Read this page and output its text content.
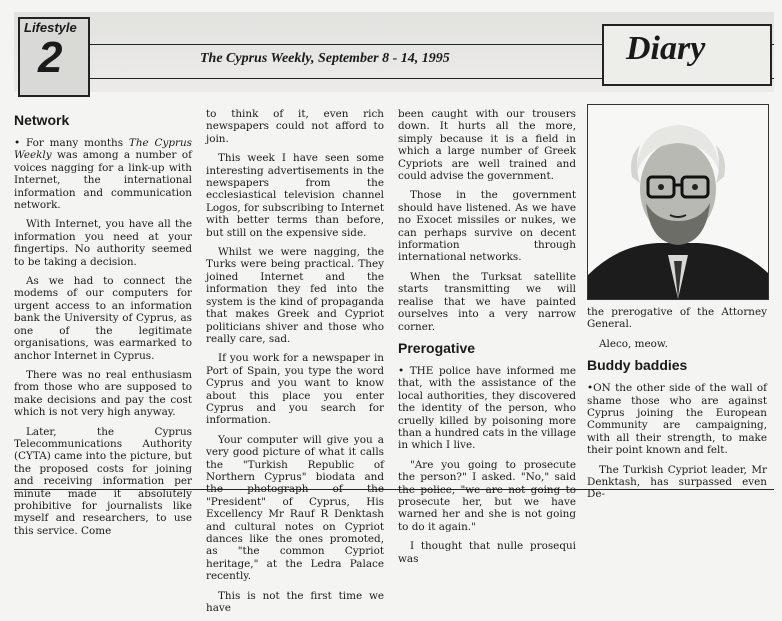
Lifestyle
2	The Cyprus Weekly, September 8 - 14, 1995	Diary
Network

• For many months The Cyprus Weekly was among a number of voices nagging for a link-up with Internet, the international information and communication network.

With Internet, you have all the information you need at your fingertips. No authority seemed to be taking a decision.

As we had to connect the modems of our computers for urgent access to an information bank the University of Cyprus, as one of the legitimate organisations, was earmarked to anchor Internet in Cyprus.

There was no real enthusiasm from those who are supposed to make decisions and pay the cost which is not very high anyway.

Later, the Cyprus Telecommunications Authority (CYTA) came into the picture, but the proposed costs for joining and receiving information per minute made it absolutely prohibitive for journalists like myself and researchers, to use this service. Come

to think of it, even rich newspapers could not afford to join.

This week I have seen some interesting advertisements in the newspapers from the ecclesiastical television channel Logos, for subscribing to Internet with better terms than before, but still on the expensive side.

Whilst we were nagging, the Turks were being practical. They joined Internet and the information they fed into the system is the kind of propaganda that makes Greek and Cypriot politicians shiver and those who really care, sad.

If you work for a newspaper in Port of Spain, you type the word Cyprus and you want to know about this place you enter Cyprus and you search for information.

Your computer will give you a very good picture of what it calls the "Turkish Republic of Northern Cyprus" biodata and the photograph of the "President" of Cyprus, His Excellency Mr Rauf R Denktash and cultural notes on Cypriot dances like the ones promoted, as "the common Cypriot heritage," at the Ledra Palace recently.

This is not the first time we have

been caught with our trousers down. It hurts all the more, simply because it is a field in which a large number of Greek Cypriots are well trained and could advise the government.

Those in the government should have listened. As we have no Exocet missiles or nukes, we can perhaps survive on decent information through international networks.

When the Turksat satellite starts transmitting we will realise that we have painted ourselves into a very narrow corner.

Prerogative

• THE police have informed me that, with the assistance of the local authorities, they discovered the identity of the person, who cruelly killed by poisoning more than a hundred cats in the village in which I live.

"Are you going to prosecute the person?" I asked. "No," said the police, "we are not going to prosecute her, but we have warned her and she is not going to do it again."

I thought that nulle prosequi was

the prerogative of the Attorney General.

Aleco, meow.

Buddy baddies

•ON the other side of the wall of shame those who are against Cyprus joining the European Community are campaigning, with all their strength, to make their point known and felt.

The Turkish Cypriot leader, Mr Denktash, has surpassed even De-
